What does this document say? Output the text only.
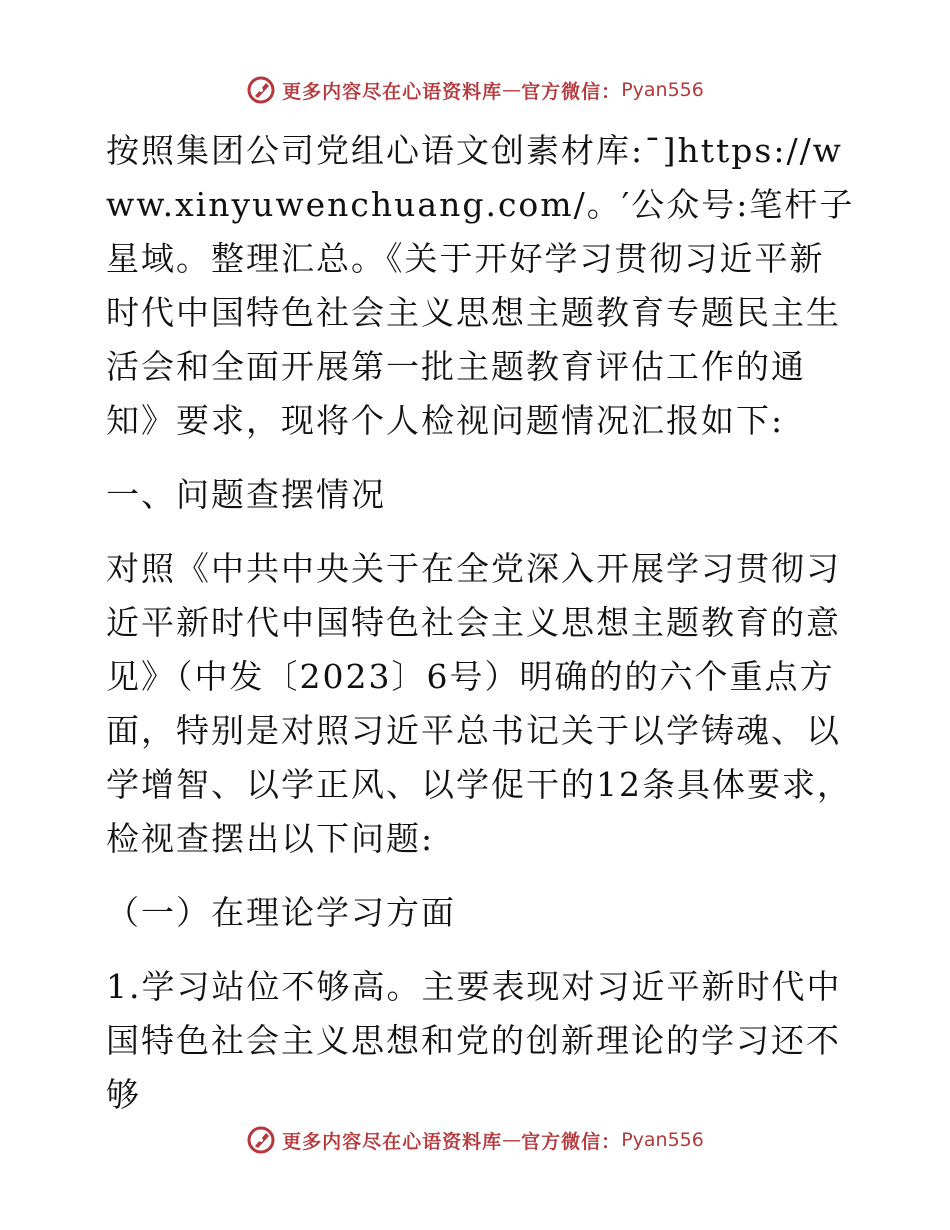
更多内容尽在心语资料库 — 官方微信： Pyan556

按照集团公司党组心语文创素材库:¯]https://www.xinyuwenchuang.com/。′公众号:笔杆子星域。整理汇总。《关于开好学习贯彻习近平新时代中国特色社会主义思想主题教育专题民主生活会和全面开展第一批主题教育评估工作的通知》要求，现将个人检视问题情况汇报如下:

一、问题查摆情况

对照《中共中央关于在全党深入开展学习贯彻习近平新时代中国特色社会主义思想主题教育的意见》（中发〔2023〕6号）明确的的六个重点方面，特别是对照习近平总书记关于以学铸魂、以学增智、以学正风、以学促干的12条具体要求，检视查摆出以下问题:

（一）在理论学习方面

1.学习站位不够高。主要表现对习近平新时代中国特色社会主义思想和党的创新理论的学习还不够

更多内容尽在心语资料库 — 官方微信： Pyan556
